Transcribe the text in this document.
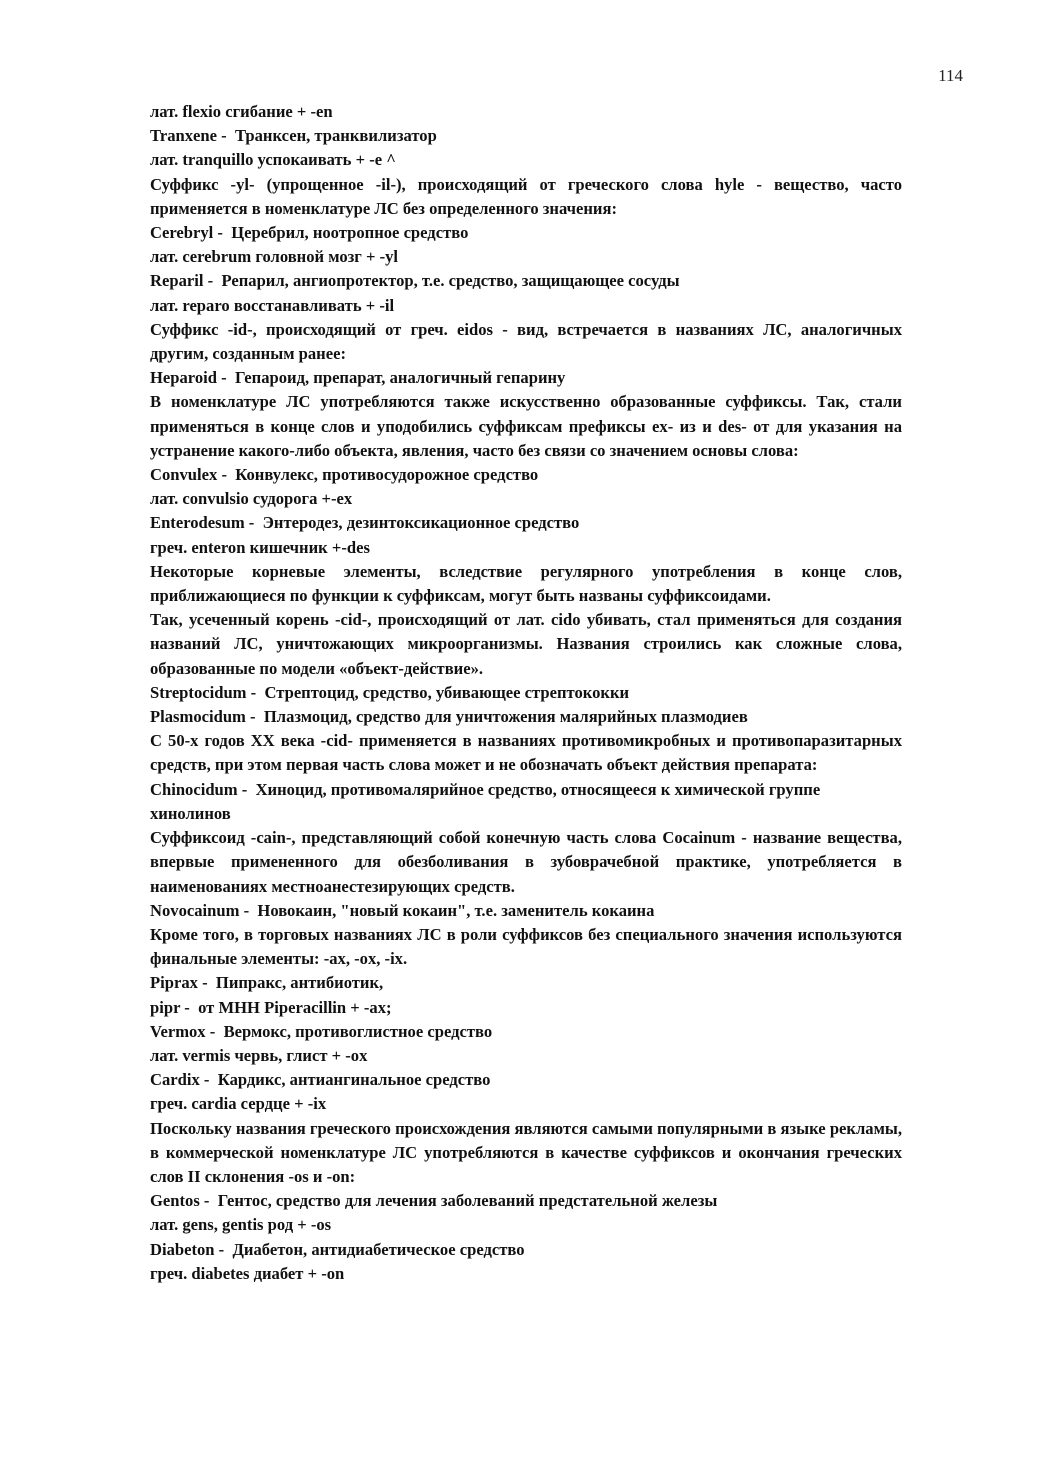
114

лат. flexio сгибание + -en

Tranxene - Транксен, транквилизатор

лат. tranquillo успокаивать + -е ^

Суффикс -yl- (упрощенное -il-), происходящий от греческого слова hyle - вещество, часто применяется в номенклатуре ЛС без определенного значения:

Cerebryl - Церебрил, ноотропное средство

лат. cerebrum головной мозг + -yl

Reparil - Репарил, ангиопротектор, т.е. средство, защищающее сосуды

лат. reparo восстанавливать + -il

Суффикс -id-, происходящий от греч. eidos - вид, встречается в названиях ЛС, аналогичных другим, созданным ранее:

Heparoid - Гепароид, препарат, аналогичный гепарину

В номенклатуре ЛС употребляются также искусственно образованные суффиксы. Так, стали применяться в конце слов и уподобились суффиксам префиксы ex- из и des- от для указания на устранение какого-либо объекта, явления, часто без связи со значением основы слова:

Convulex - Конвулекс, противосудорожное средство

лат. convulsio судорога +-ex

Enterodesum - Энтеродез, дезинтоксикационное средство

греч. enteron кишечник +-des

Некоторые корневые элементы, вследствие регулярного употребления в конце слов, приближающиеся по функции к суффиксам, могут быть названы суффиксоидами.

Так, усеченный корень -cid-, происходящий от лат. cido убивать, стал применяться для создания названий ЛС, уничтожающих микроорганизмы. Названия строились как сложные слова, образованные по модели «объект-действие».

Streptocidum - Стрептоцид, средство, убивающее стрептококки

Plasmocidum - Плазмоцид, средство для уничтожения малярийных плазмодиев

С 50-х годов XX века -cid- применяется в названиях противомикробных и противопаразитарных средств, при этом первая часть слова может и не обозначать объект действия препарата:

Chinocidum - Хиноцид, противомалярийное средство, относящееся к химической группе хинолинов

Суффиксоид -cain-, представляющий собой конечную часть слова Cocainum - название вещества, впервые примененного для обезболивания в зубоврачебной практике, употребляется в наименованиях местноанестезирующих средств.

Novocainum - Новокаин, "новый кокаин", т.е. заменитель кокаина

Кроме того, в торговых названиях ЛС в роли суффиксов без специального значения используются финальные элементы: -ax, -ox, -ix.

Piprax - Пипракс, антибиотик,

pipr - от МНН Piperacillin + -ax;

Vermox - Вермокс, противоглистное средство

лат. vermis червь, глист + -ox

Cardix - Кардикс, антиангинальное средство

греч. cardia сердце + -ix

Поскольку названия греческого происхождения являются самыми популярными в языке рекламы, в коммерческой номенклатуре ЛС употребляются в качестве суффиксов и окончания греческих слов II склонения -os и -on:

Gentos - Гентос, средство для лечения заболеваний предстательной железы

лат. gens, gentis род + -os

Diabeton - Диабетон, антидиабетическое средство

греч. diabetes диабет + -on
